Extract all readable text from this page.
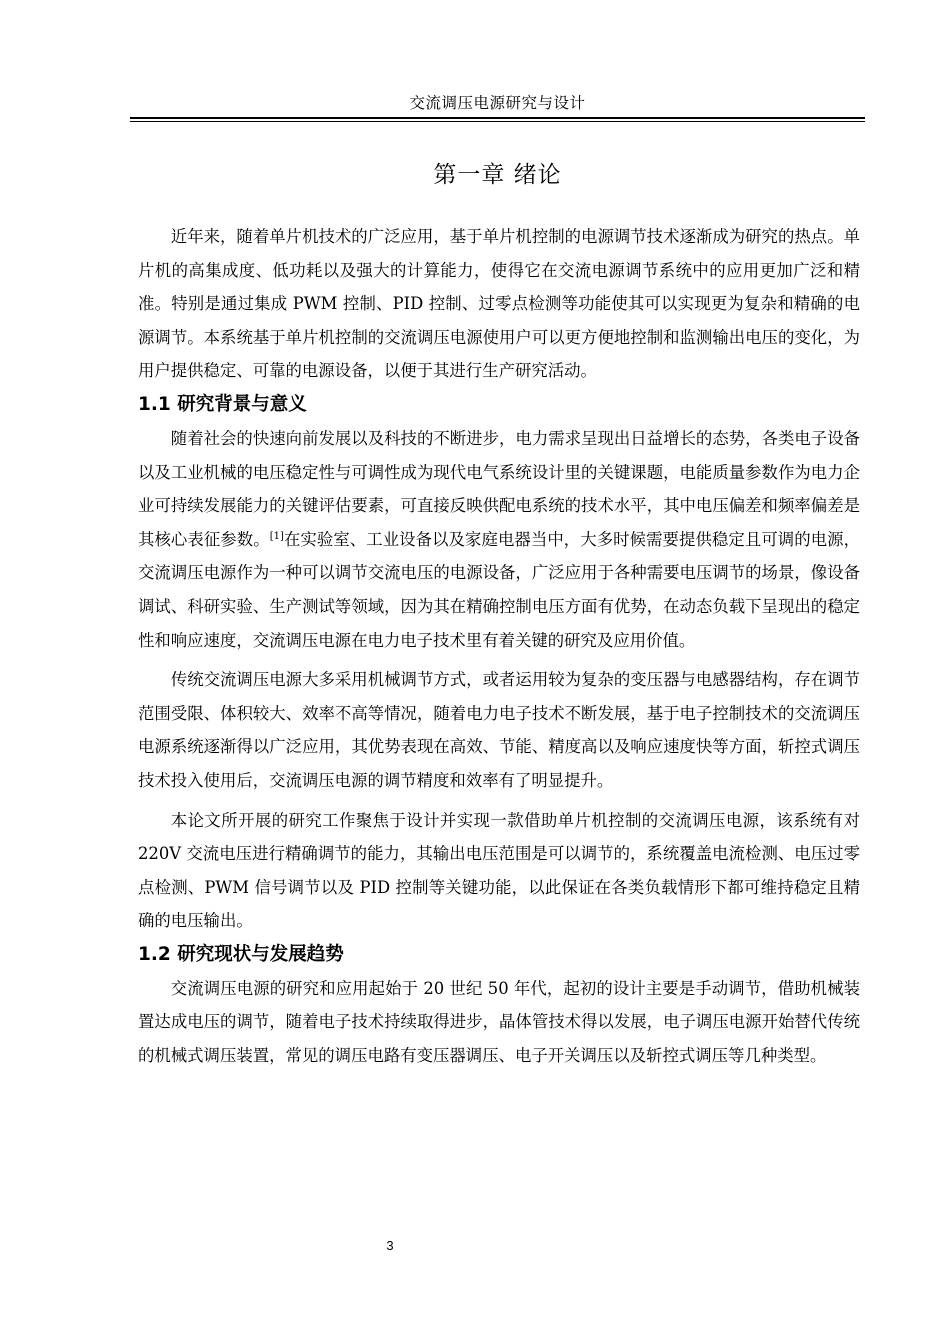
交流调压电源研究与设计
第一章 绪论

近年来，随着单片机技术的广泛应用，基于单片机控制的电源调节技术逐渐成为研究的热点。单片机的高集成度、低功耗以及强大的计算能力，使得它在交流电源调节系统中的应用更加广泛和精准。特别是通过集成 PWM 控制、PID 控制、过零点检测等功能使其可以实现更为复杂和精确的电源调节。本系统基于单片机控制的交流调压电源使用户可以更方便地控制和监测输出电压的变化，为用户提供稳定、可靠的电源设备，以便于其进行生产研究活动。

1.1 研究背景与意义

随着社会的快速向前发展以及科技的不断进步，电力需求呈现出日益增长的态势，各类电子设备以及工业机械的电压稳定性与可调性成为现代电气系统设计里的关键课题，电能质量参数作为电力企业可持续发展能力的关键评估要素，可直接反映供配电系统的技术水平，其中电压偏差和频率偏差是其核心表征参数。[1]在实验室、工业设备以及家庭电器当中，大多时候需要提供稳定且可调的电源，交流调压电源作为一种可以调节交流电压的电源设备，广泛应用于各种需要电压调节的场景，像设备调试、科研实验、生产测试等领域，因为其在精确控制电压方面有优势，在动态负载下呈现出的稳定性和响应速度，交流调压电源在电力电子技术里有着关键的研究及应用价值。

传统交流调压电源大多采用机械调节方式，或者运用较为复杂的变压器与电感器结构，存在调节范围受限、体积较大、效率不高等情况，随着电力电子技术不断发展，基于电子控制技术的交流调压电源系统逐渐得以广泛应用，其优势表现在高效、节能、精度高以及响应速度快等方面，斩控式调压技术投入使用后，交流调压电源的调节精度和效率有了明显提升。

本论文所开展的研究工作聚焦于设计并实现一款借助单片机控制的交流调压电源，该系统有对 220V 交流电压进行精确调节的能力，其输出电压范围是可以调节的，系统覆盖电流检测、电压过零点检测、PWM 信号调节以及 PID 控制等关键功能，以此保证在各类负载情形下都可维持稳定且精确的电压输出。

1.2 研究现状与发展趋势

交流调压电源的研究和应用起始于 20 世纪 50 年代，起初的设计主要是手动调节，借助机械装置达成电压的调节，随着电子技术持续取得进步，晶体管技术得以发展，电子调压电源开始替代传统的机械式调压装置，常见的调压电路有变压器调压、电子开关调压以及斩控式调压等几种类型。

3
